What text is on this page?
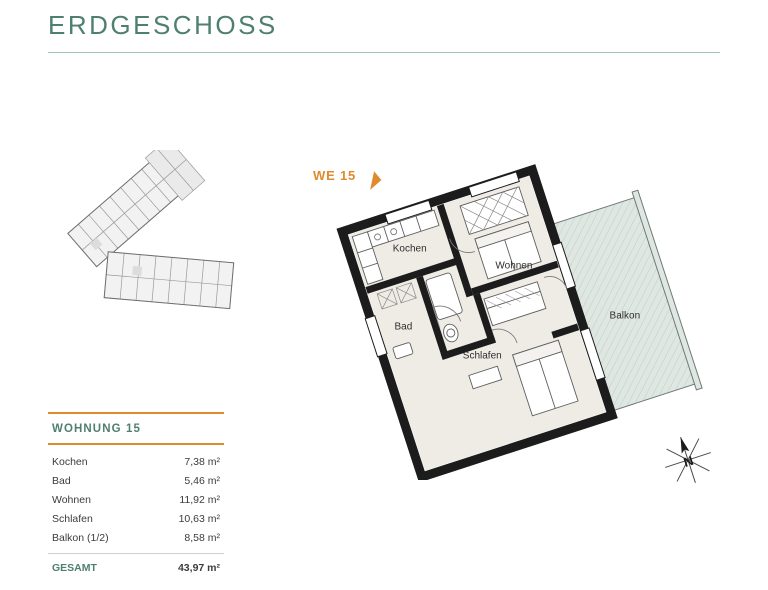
ERDGESCHOSS
WOHNUNG 15
Kochen	7,38 m²
Bad	5,46 m²
Wohnen	11,92 m²
Schlafen	10,63 m²
Balkon (1/2)	8,58 m²
GESAMT	43,97 m²
WE 15
Kochen
Wohnen
Bad
Schlafen
Balkon
N
